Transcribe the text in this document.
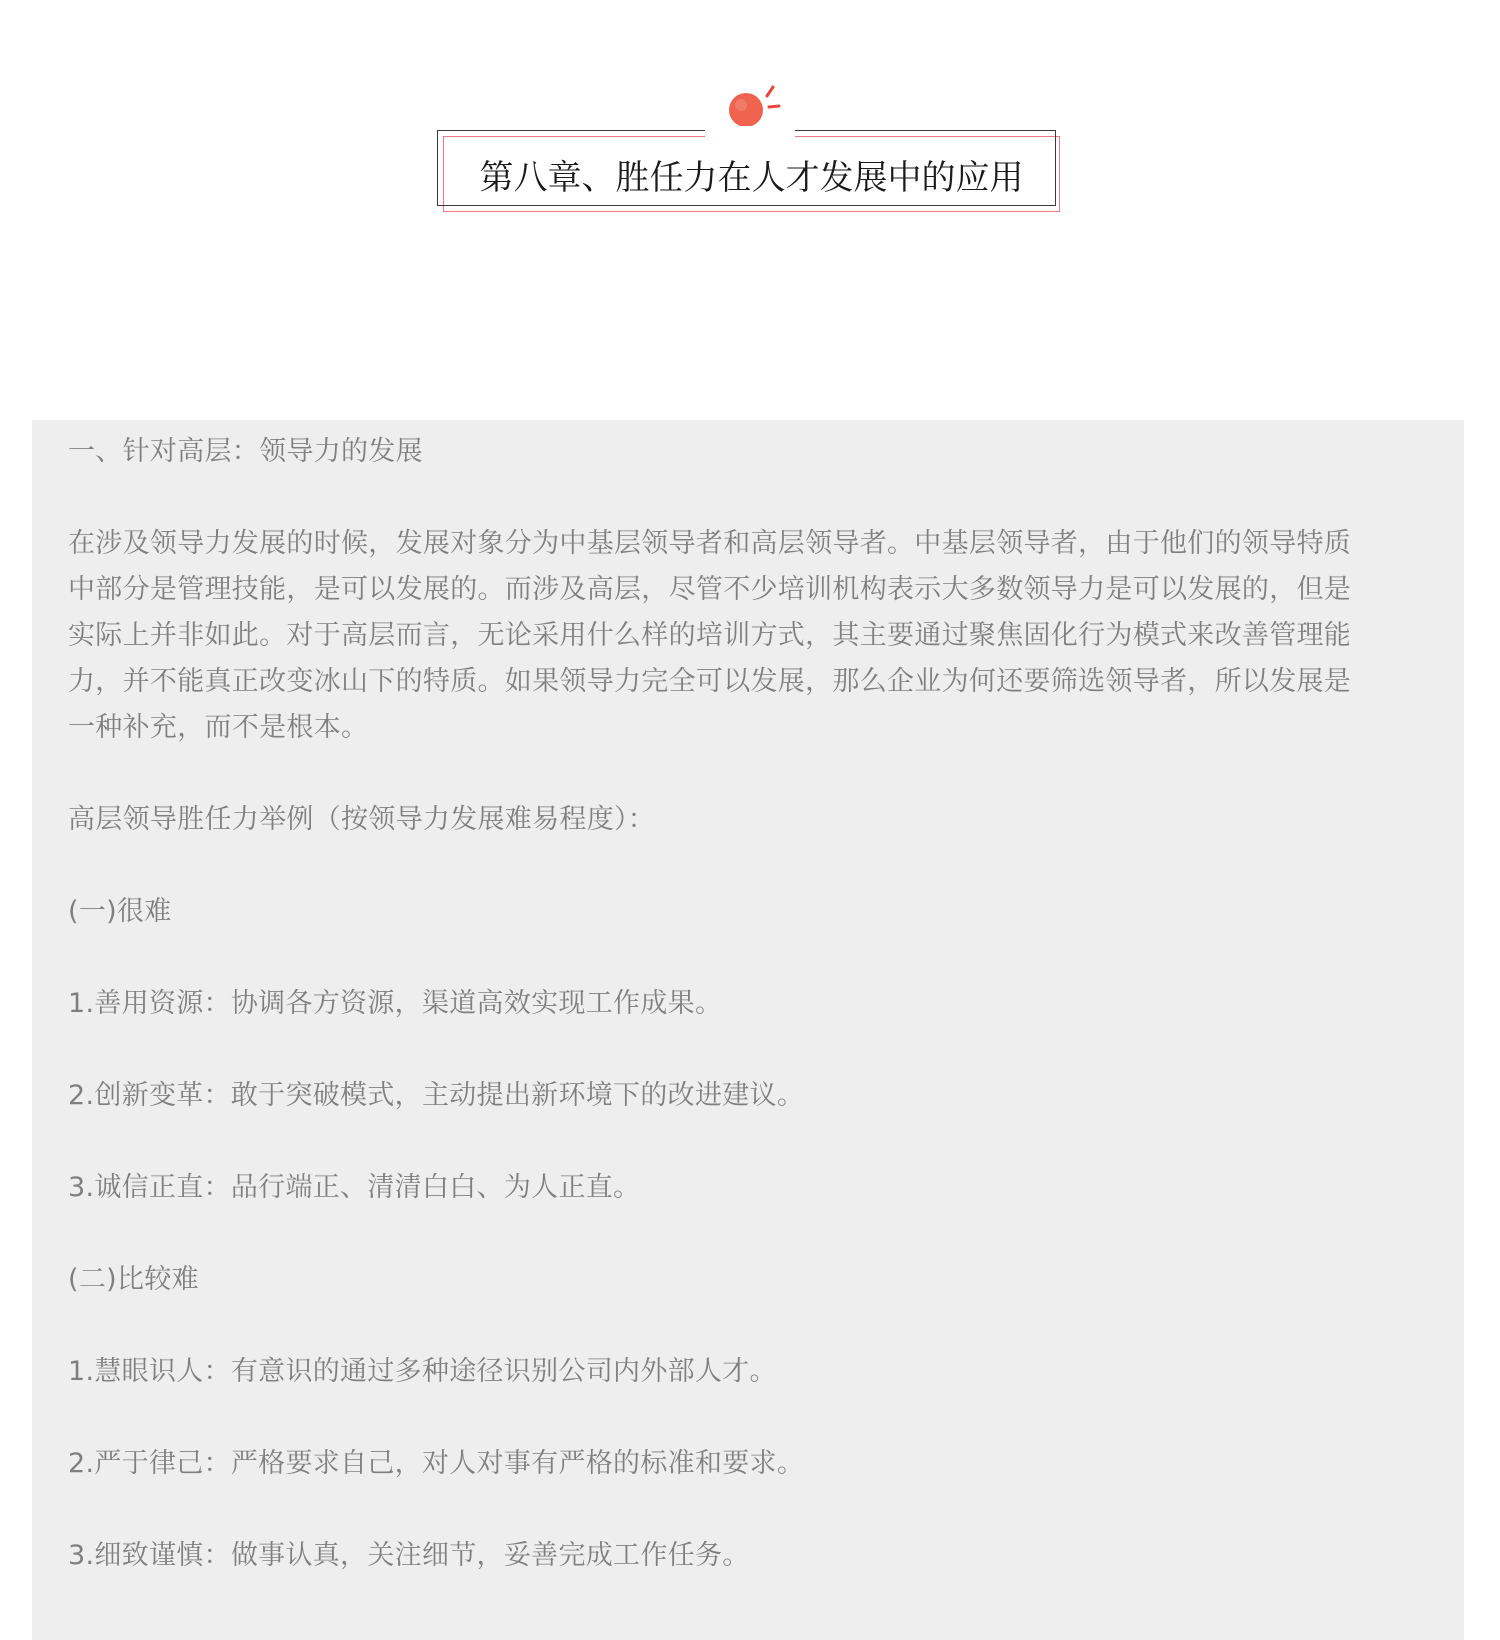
第八章、胜任力在人才发展中的应用

一、针对高层：领导力的发展

在涉及领导力发展的时候，发展对象分为中基层领导者和高层领导者。中基层领导者，由于他们的领导特质

中部分是管理技能，是可以发展的。而涉及高层，尽管不少培训机构表示大多数领导力是可以发展的，但是

实际上并非如此。对于高层而言，无论采用什么样的培训方式，其主要通过聚焦固化行为模式来改善管理能

力，并不能真正改变冰山下的特质。如果领导力完全可以发展，那么企业为何还要筛选领导者，所以发展是

一种补充，而不是根本。

高层领导胜任力举例（按领导力发展难易程度）：

(一)很难

1.善用资源：协调各方资源，渠道高效实现工作成果。

2.创新变革：敢于突破模式，主动提出新环境下的改进建议。

3.诚信正直：品行端正、清清白白、为人正直。

(二)比较难

1.慧眼识人：有意识的通过多种途径识别公司内外部人才。

2.严于律己：严格要求自己，对人对事有严格的标准和要求。

3.细致谨慎：做事认真，关注细节，妥善完成工作任务。
